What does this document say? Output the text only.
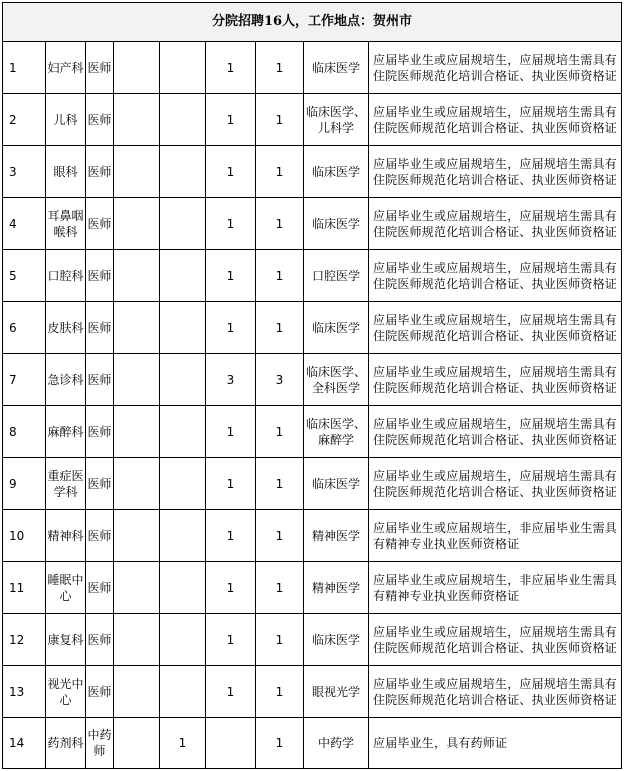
分院招聘16人，工作地点：贺州市								
1	妇产科	医师			1	1	临床医学	应届毕业生或应届规培生，应届规培生需具有住院医师规范化培训合格证、执业医师资格证
2	儿科	医师			1	1	临床医学、儿科学	应届毕业生或应届规培生，应届规培生需具有住院医师规范化培训合格证、执业医师资格证
3	眼科	医师			1	1	临床医学	应届毕业生或应届规培生，应届规培生需具有住院医师规范化培训合格证、执业医师资格证
4	耳鼻咽喉科	医师			1	1	临床医学	应届毕业生或应届规培生，应届规培生需具有住院医师规范化培训合格证、执业医师资格证
5	口腔科	医师			1	1	口腔医学	应届毕业生或应届规培生，应届规培生需具有住院医师规范化培训合格证、执业医师资格证
6	皮肤科	医师			1	1	临床医学	应届毕业生或应届规培生，应届规培生需具有住院医师规范化培训合格证、执业医师资格证
7	急诊科	医师			3	3	临床医学、全科医学	应届毕业生或应届规培生，应届规培生需具有住院医师规范化培训合格证、执业医师资格证
8	麻醉科	医师			1	1	临床医学、麻醉学	应届毕业生或应届规培生，应届规培生需具有住院医师规范化培训合格证、执业医师资格证
9	重症医学科	医师			1	1	临床医学	应届毕业生或应届规培生，应届规培生需具有住院医师规范化培训合格证、执业医师资格证
10	精神科	医师			1	1	精神医学	应届毕业生或应届规培生，非应届毕业生需具有精神专业执业医师资格证
11	睡眠中心	医师			1	1	精神医学	应届毕业生或应届规培生，非应届毕业生需具有精神专业执业医师资格证
12	康复科	医师			1	1	临床医学	应届毕业生或应届规培生，应届规培生需具有住院医师规范化培训合格证、执业医师资格证
13	视光中心	医师			1	1	眼视光学	应届毕业生或应届规培生，应届规培生需具有住院医师规范化培训合格证、执业医师资格证
14	药剂科	中药师		1		1	中药学	应届毕业生，具有药师证
